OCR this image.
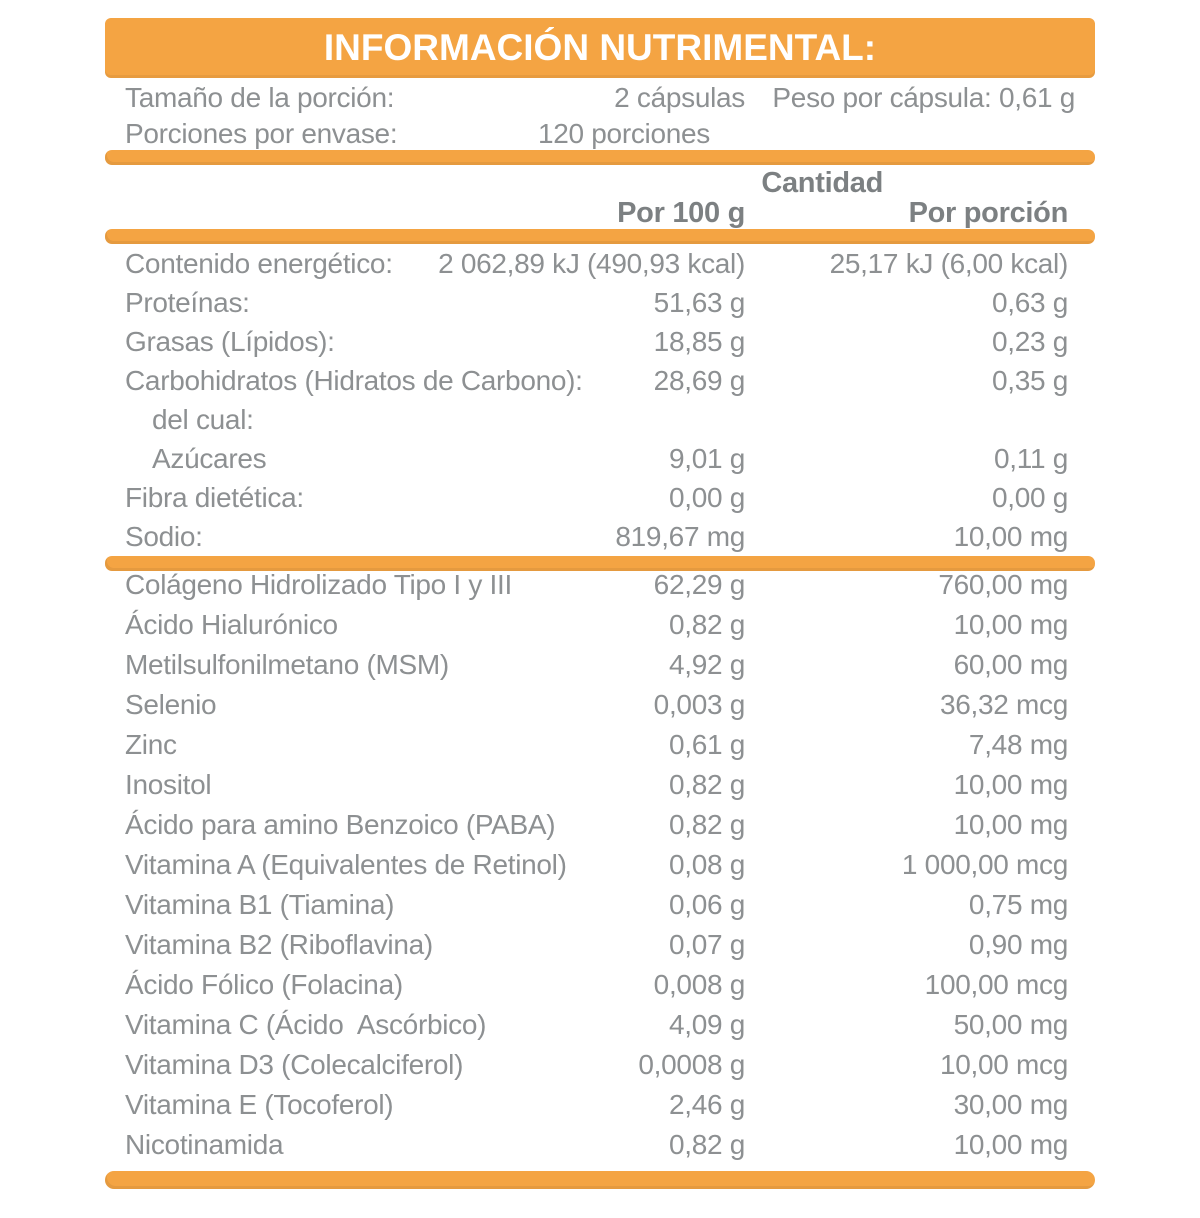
INFORMACIÓN NUTRIMENTAL:
Tamaño de la porción:	2 cápsulas Peso por cápsula: 0,61 g
Porciones por envase:	120 porciones
Cantidad
Por 100 g	Por porción
Contenido energético: 2 062,89 kJ (490,93 kcal)	25,17 kJ (6,00 kcal)
Proteínas:	51,63 g	0,63 g
Grasas (Lípidos):	18,85 g	0,23 g
Carbohidratos (Hidratos de Carbono):	28,69 g	0,35 g
del cual:
Azúcares	9,01 g	0,11 g
Fibra dietética:	0,00 g	0,00 g
Sodio:	819,67 mg	10,00 mg
Colágeno Hidrolizado Tipo I y III	62,29 g	760,00 mg
Ácido Hialurónico	0,82 g	10,00 mg
Metilsulfonilmetano (MSM)	4,92 g	60,00 mg
Selenio	0,003 g	36,32 mcg
Zinc	0,61 g	7,48 mg
Inositol	0,82 g	10,00 mg
Ácido para amino Benzoico (PABA)	0,82 g	10,00 mg
Vitamina A (Equivalentes de Retinol)	0,08 g	1 000,00 mcg
Vitamina B1 (Tiamina)	0,06 g	0,75 mg
Vitamina B2 (Riboflavina)	0,07 g	0,90 mg
Ácido Fólico (Folacina)	0,008 g	100,00 mcg
Vitamina C (Ácido  Ascórbico)	4,09 g	50,00 mg
Vitamina D3 (Colecalciferol)	0,0008 g	10,00 mcg
Vitamina E (Tocoferol)	2,46 g	30,00 mg
Nicotinamida	0,82 g	10,00 mg
